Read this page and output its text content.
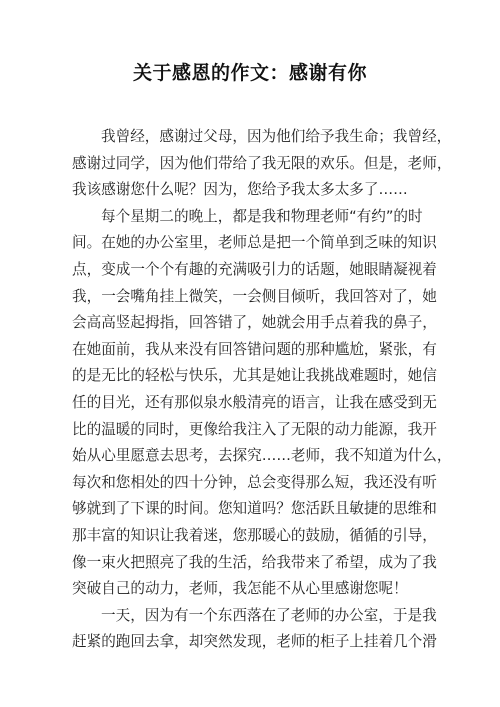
关于感恩的作文：感谢有你
我曾经，感谢过父母，因为他们给予我生命；我曾经，
感谢过同学，因为他们带给了我无限的欢乐。但是，老师，
我该感谢您什么呢？因为，您给予我太多太多了……
每个星期二的晚上，都是我和物理老师“有约”的时
间。在她的办公室里，老师总是把一个简单到乏味的知识
点，变成一个个有趣的充满吸引力的话题，她眼睛凝视着
我，一会嘴角挂上微笑，一会侧目倾听，我回答对了，她
会高高竖起拇指，回答错了，她就会用手点着我的鼻子，
在她面前，我从来没有回答错问题的那种尴尬，紧张，有
的是无比的轻松与快乐，尤其是她让我挑战难题时，她信
任的目光，还有那似泉水般清亮的语言，让我在感受到无
比的温暖的同时，更像给我注入了无限的动力能源，我开
始从心里愿意去思考，去探究……老师，我不知道为什么，
每次和您相处的四十分钟，总会变得那么短，我还没有听
够就到了下课的时间。您知道吗？您活跃且敏捷的思维和
那丰富的知识让我着迷，您那暖心的鼓励，循循的引导，
像一束火把照亮了我的生活，给我带来了希望，成为了我
突破自己的动力，老师，我怎能不从心里感谢您呢！
一天，因为有一个东西落在了老师的办公室，于是我
赶紧的跑回去拿，却突然发现，老师的柜子上挂着几个滑
